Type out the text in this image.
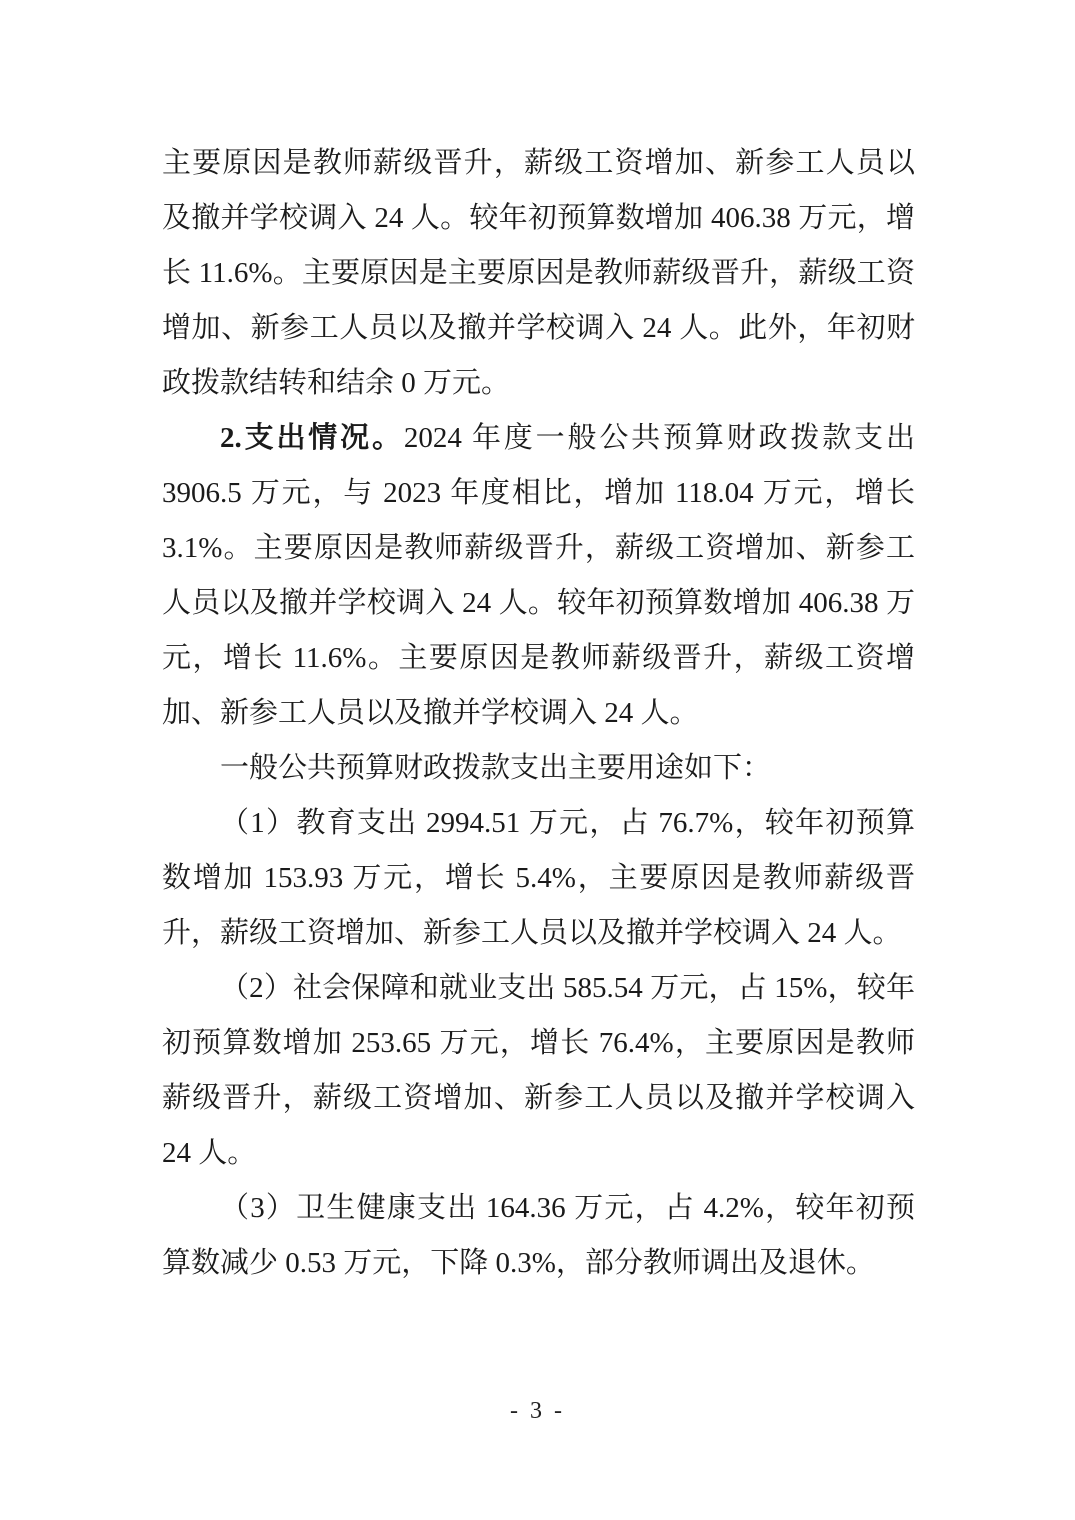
主要原因是教师薪级晋升，薪级工资增加、新参工人员以及撤并学校调入 24 人。较年初预算数增加 406.38 万元，增长 11.6%。主要原因是主要原因是教师薪级晋升，薪级工资增加、新参工人员以及撤并学校调入 24 人。此外，年初财政拨款结转和结余 0 万元。

2.支出情况。2024 年度一般公共预算财政拨款支出 3906.5 万元，与 2023 年度相比，增加 118.04 万元，增长 3.1%。主要原因是教师薪级晋升，薪级工资增加、新参工人员以及撤并学校调入 24 人。较年初预算数增加 406.38 万元，增长 11.6%。主要原因是教师薪级晋升，薪级工资增加、新参工人员以及撤并学校调入 24 人。

一般公共预算财政拨款支出主要用途如下：

（1）教育支出 2994.51 万元，占 76.7%，较年初预算数增加 153.93 万元，增长 5.4%，主要原因是教师薪级晋升，薪级工资增加、新参工人员以及撤并学校调入 24 人。

（2）社会保障和就业支出 585.54 万元，占 15%，较年初预算数增加 253.65 万元，增长 76.4%，主要原因是教师薪级晋升，薪级工资增加、新参工人员以及撤并学校调入 24 人。

（3）卫生健康支出 164.36 万元，占 4.2%，较年初预算数减少 0.53 万元，下降 0.3%，部分教师调出及退休。

- 3 -
